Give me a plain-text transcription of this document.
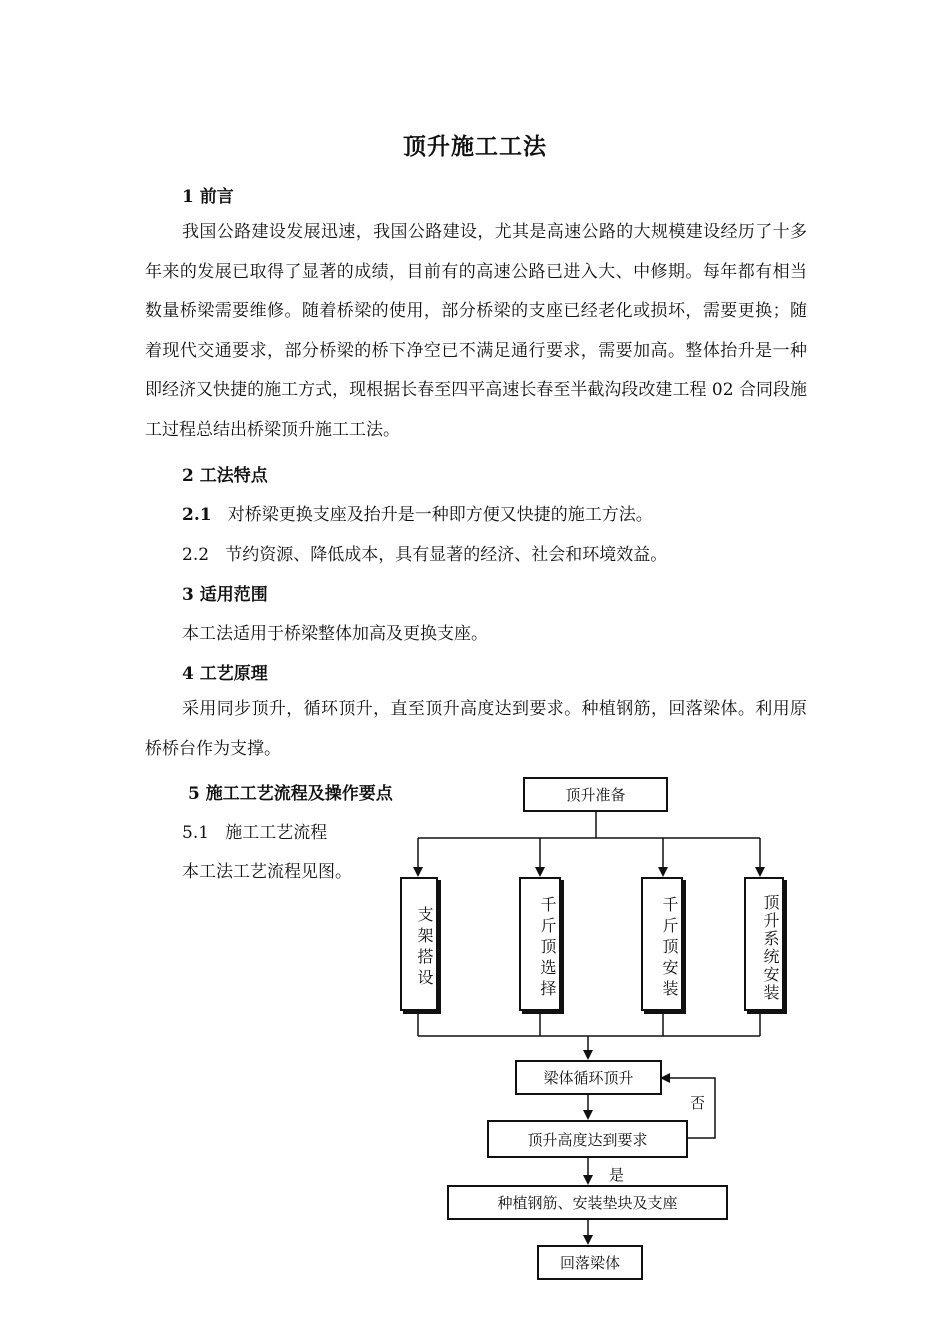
顶升施工工法
1 前言
我国公路建设发展迅速，我国公路建设，尤其是高速公路的大规模建设经历了十多年来的发展已取得了显著的成绩，目前有的高速公路已进入大、中修期。每年都有相当数量桥梁需要维修。随着桥梁的使用，部分桥梁的支座已经老化或损坏，需要更换；随着现代交通要求，部分桥梁的桥下净空已不满足通行要求，需要加高。整体抬升是一种即经济又快捷的施工方式，现根据长春至四平高速长春至半截沟段改建工程 02 合同段施工过程总结出桥梁顶升施工工法。
2 工法特点
2.1 对桥梁更换支座及抬升是一种即方便又快捷的施工方法。
2.2 节约资源、降低成本，具有显著的经济、社会和环境效益。
3 适用范围
本工法适用于桥梁整体加高及更换支座。
4 工艺原理
采用同步顶升，循环顶升，直至顶升高度达到要求。种植钢筋，回落梁体。利用原桥桥台作为支撑。
5 施工工艺流程及操作要点
5.1 施工工艺流程
本工法工艺流程见图。
顶升准备
支架搭设	千斤顶选择	千斤顶安装	顶升系统安装
梁体循环顶升
顶升高度达到要求
否
是
种植钢筋、安装垫块及支座
回落梁体
